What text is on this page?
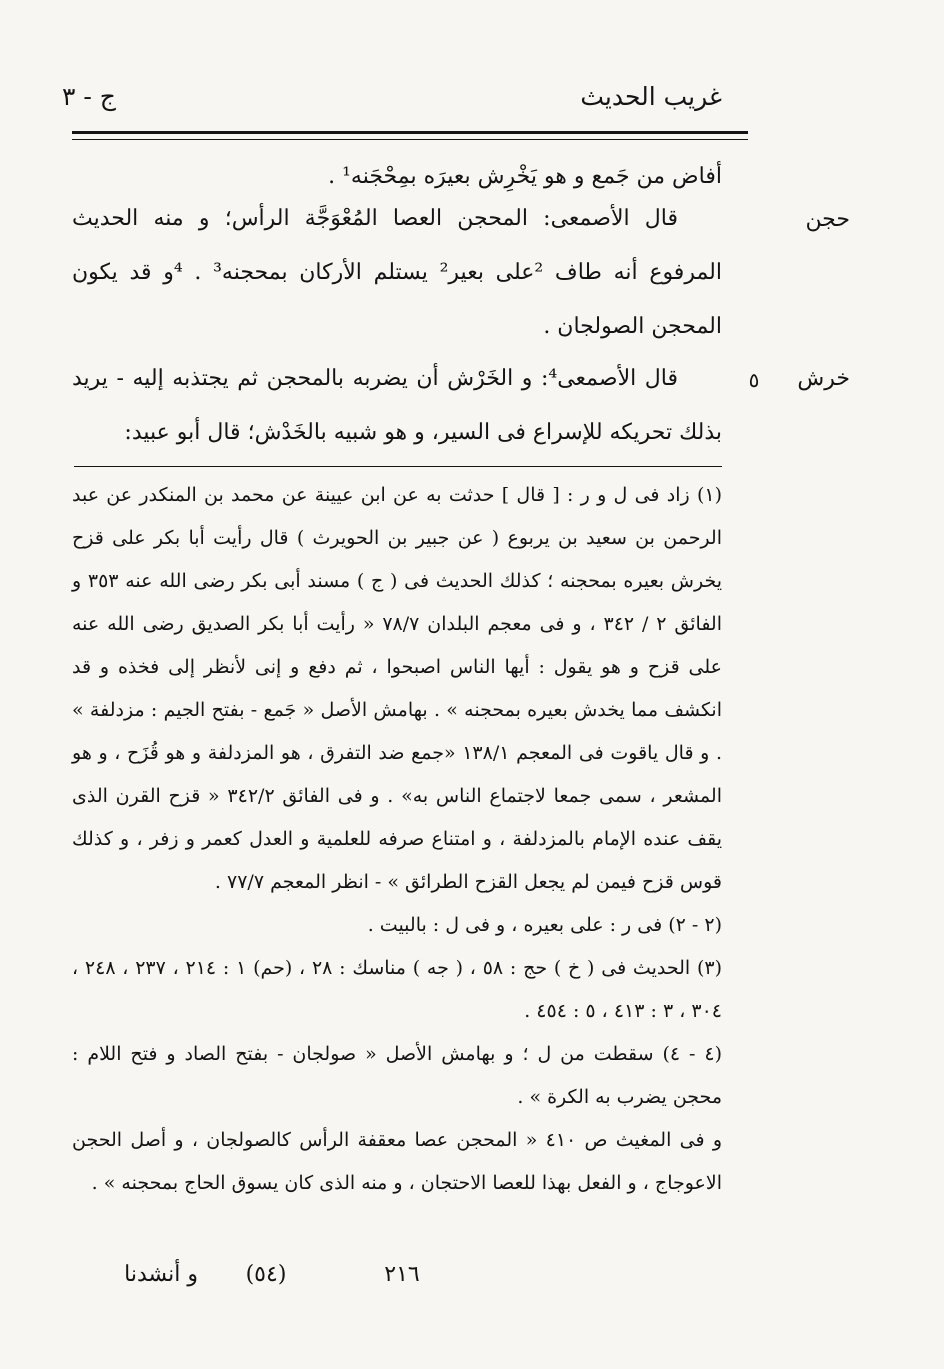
غريب الحديث
ج - ٣
حجن
خرش
٥
أفاض من جَمع و هو يَخْرِش بعيرَه بمِحْجَنه¹ .
قال الأصمعى: المحجن العصا المُعْوَجَّة الرأس؛ و منه الحديث المرفوع أنه طاف ²على بعير² يستلم الأركان بمحجنه³ . ⁴و قد يكون المحجن الصولجان .
قال الأصمعى⁴: و الخَرْش أن يضربه بالمحجن ثم يجتذبه إليه - يريد بذلك تحريكه للإسراع فى السير، و هو شبيه بالخَدْش؛ قال أبو عبيد:

(١) زاد فى ل و ر : [ قال ] حدثت به عن ابن عيينة عن محمد بن المنكدر عن عبد الرحمن بن سعيد بن يربوع ( عن جبير بن الحويرث ) قال رأيت أبا بكر على قزح يخرش بعيره بمحجنه ؛ كذلك الحديث فى ( ج ) مسند أبى بكر رضى الله عنه ٣٥٣ و الفائق ٢ / ٣٤٢ ، و فى معجم البلدان ٧٨/٧ « رأيت أبا بكر الصديق رضى الله عنه على قزح و هو يقول : أيها الناس اصبحوا ، ثم دفع و إنى لأنظر إلى فخذه و قد انكشف مما يخدش بعيره بمحجنه » . بهامش الأصل « جَمع - بفتح الجيم : مزدلفة » . و قال ياقوت فى المعجم ١٣٨/١ «جمع ضد التفرق ، هو المزدلفة و هو قُزَح ، و هو المشعر ، سمى جمعا لاجتماع الناس به» . و فى الفائق ٣٤٢/٢ « قزح القرن الذى يقف عنده الإمام بالمزدلفة ، و امتناع صرفه للعلمية و العدل كعمر و زفر ، و كذلك قوس قزح فيمن لم يجعل القزح الطرائق » - انظر المعجم ٧٧/٧ .

(٢ - ٢) فى ر : على بعيره ، و فى ل : بالبيت .

(٣) الحديث فى ( خ ) حج : ٥٨ ، ( جه ) مناسك : ٢٨ ، (حم) ١ : ٢١٤ ، ٢٣٧ ، ٢٤٨ ، ٣٠٤ ، ٣ : ٤١٣ ، ٥ : ٤٥٤ .

(٤ - ٤) سقطت من ل ؛ و بهامش الأصل « صولجان - بفتح الصاد و فتح اللام : محجن يضرب به الكرة » .

و فى المغيث ص ٤١٠ « المحجن عصا معقفة الرأس كالصولجان ، و أصل الحجن الاعوجاج ، و الفعل بهذا للعصا الاحتجان ، و منه الذى كان يسوق الحاج بمحجنه » .

٢١٦
(٥٤)
و أنشدنا
